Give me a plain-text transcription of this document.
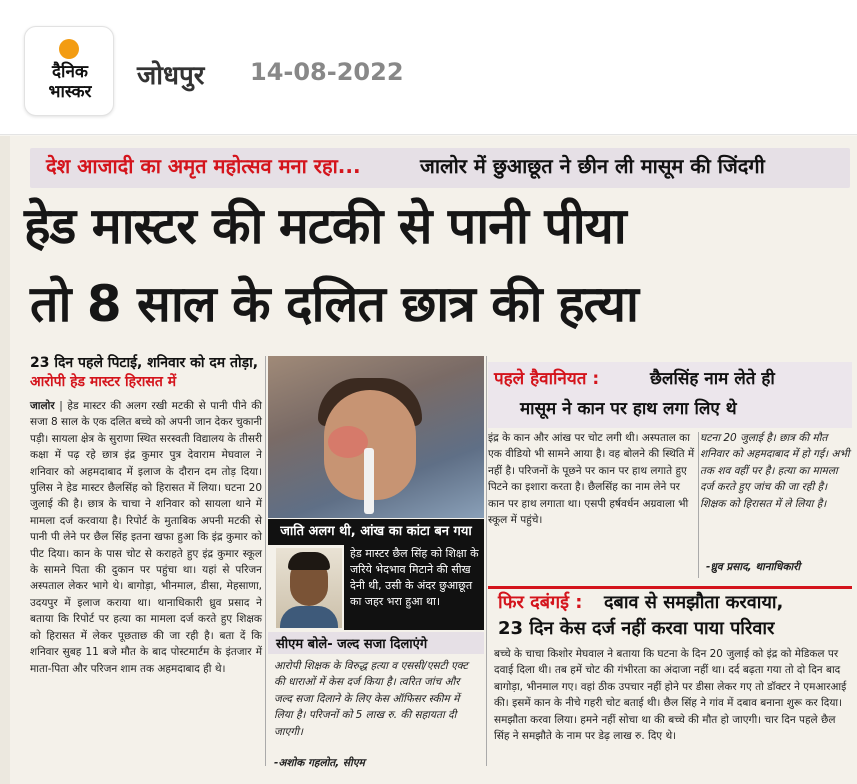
दैनिक
भास्कर
जोधपुर 14-08-2022
देश आजादी का अमृत महोत्सव मना रहा...	जालोर में छुआछूत ने छीन ली मासूम की जिंदगी
हेड मास्टर की मटकी से पानी पीया
तो 8 साल के दलित छात्र की हत्या
23 दिन पहले पिटाई, शनिवार को दम तोड़ा, आरोपी हेड मास्टर हिरासत में
जालोर | हेड मास्टर की अलग रखी मटकी से पानी पीने की सजा 8 साल के एक दलित बच्चे को अपनी जान देकर चुकानी पड़ी। सायला क्षेत्र के सुराणा स्थित सरस्वती विद्यालय के तीसरी कक्षा में पढ़ रहे छात्र इंद्र कुमार पुत्र देवाराम मेघवाल ने शनिवार को अहमदाबाद में इलाज के दौरान दम तोड़ दिया। पुलिस ने हेड मास्टर छैलसिंह को हिरासत में लिया। घटना 20 जुलाई की है। छात्र के चाचा ने शनिवार को सायला थाने में मामला दर्ज करवाया है। रिपोर्ट के मुताबिक अपनी मटकी से पानी पी लेने पर छैल सिंह इतना खफा हुआ कि इंद्र कुमार को पीट दिया। कान के पास चोट से कराहते हुए इंद्र कुमार स्कूल के सामने पिता की दुकान पर पहुंचा था। यहां से परिजन अस्पताल लेकर भागे थे। बागोड़ा, भीनमाल, डीसा, मेहसाणा, उदयपुर में इलाज कराया था। थानाधिकारी ध्रुव प्रसाद ने बताया कि रिपोर्ट पर हत्या का मामला दर्ज करते हुए शिक्षक को हिरासत में लेकर पूछताछ की जा रही है। बता दें कि शनिवार सुबह 11 बजे मौत के बाद पोस्टमार्टम के इंतजार में माता-पिता और परिजन शाम तक अहमदाबाद ही थे।
जाति अलग थी, आंख का कांटा बन गया
हेड मास्टर छैल सिंह को शिक्षा के जरिये भेदभाव मिटाने की सीख देनी थी, उसी के अंदर छुआछूत का जहर भरा हुआ था।
सीएम बोले- जल्द सजा दिलाएंगे
आरोपी शिक्षक के विरुद्ध हत्या व एससी/एसटी एक्ट की धाराओं में केस दर्ज किया है। त्वरित जांच और जल्द सजा दिलाने के लिए केस ऑफिसर स्कीम में लिया है। परिजनों को 5 लाख रु. की सहायता दी जाएगी।
-अशोक गहलोत, सीएम
पहले हैवानियत :	छैलसिंह नाम लेते ही
मासूम ने कान पर हाथ लगा लिए थे
इंद्र के कान और आंख पर चोट लगी थी। अस्पताल का एक वीडियो भी सामने आया है। वह बोलने की स्थिति में नहीं है। परिजनों के पूछने पर कान पर हाथ लगाते हुए पिटने का इशारा करता है। छैलसिंह का नाम लेने पर कान पर हाथ लगाता था। एसपी हर्षवर्धन अग्रवाला भी स्कूल में पहुंचे।
घटना 20 जुलाई है। छात्र की मौत शनिवार को अहमदाबाद में हो गई। अभी तक शव वहीं पर है। हत्या का मामला दर्ज करते हुए जांच की जा रही है। शिक्षक को हिरासत में ले लिया है।
-ध्रुव प्रसाद, थानाधिकारी
फिर दबंगई : दबाव से समझौता करवाया,
23 दिन केस दर्ज नहीं करवा पाया परिवार
बच्चे के चाचा किशोर मेघवाल ने बताया कि घटना के दिन 20 जुलाई को इंद्र को मेडिकल पर दवाई दिला थी। तब हमें चोट की गंभीरता का अंदाजा नहीं था। दर्द बढ़ता गया तो दो दिन बाद बागोड़ा, भीनमाल गए। वहां ठीक उपचार नहीं होने पर डीसा लेकर गए तो डॉक्टर ने एमआरआई की। इसमें कान के नीचे गहरी चोट बताई थी। छैल सिंह ने गांव में दबाव बनाना शुरू कर दिया। समझौता करवा लिया। हमने नहीं सोचा था की बच्चे की मौत हो जाएगी। चार दिन पहले छैल सिंह ने समझौते के नाम पर डेढ़ लाख रु. दिए थे।
